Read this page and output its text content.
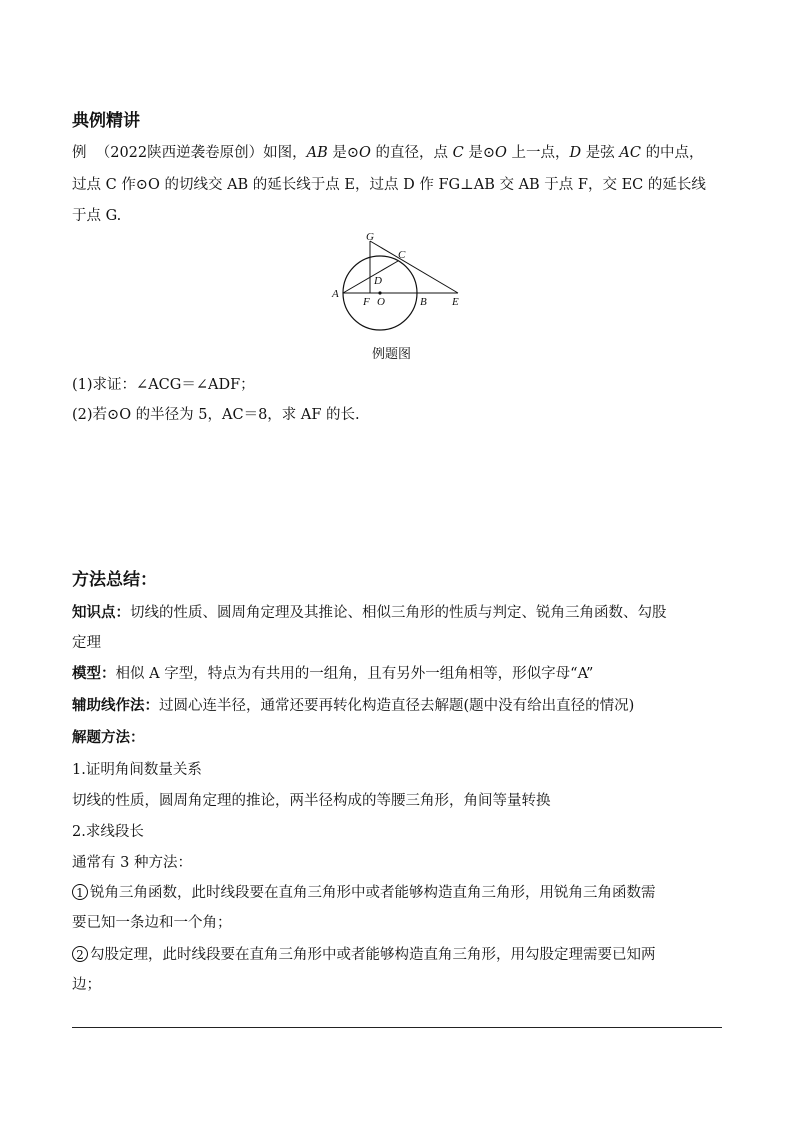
典例精讲
例 （2022陕西逆袭卷原创）如图，AB 是⊙O 的直径，点 C 是⊙O 上一点，D 是弦 AC 的中点，
过点 C 作⊙O 的切线交 AB 的延长线于点 E，过点 D 作 FG⊥AB 交 AB 于点 F，交 EC 的延长线
于点 G.
G
C
D
A
F O	B E
例题图
(1)求证：∠ACG＝∠ADF；
(2)若⊙O 的半径为 5，AC＝8，求 AF 的长.
方法总结：
知识点：切线的性质、圆周角定理及其推论、相似三角形的性质与判定、锐角三角函数、勾股
定理
模型：相似 A 字型，特点为有共用的一组角，且有另外一组角相等，形似字母“A”
辅助线作法：过圆心连半径，通常还要再转化构造直径去解题(题中没有给出直径的情况)
解题方法：
1.证明角间数量关系
切线的性质，圆周角定理的推论，两半径构成的等腰三角形，角间等量转换
2.求线段长
通常有 3 种方法：
1 锐角三角函数，此时线段要在直角三角形中或者能够构造直角三角形，用锐角三角函数需
要已知一条边和一个角；
2 勾股定理，此时线段要在直角三角形中或者能够构造直角三角形，用勾股定理需要已知两
边；
